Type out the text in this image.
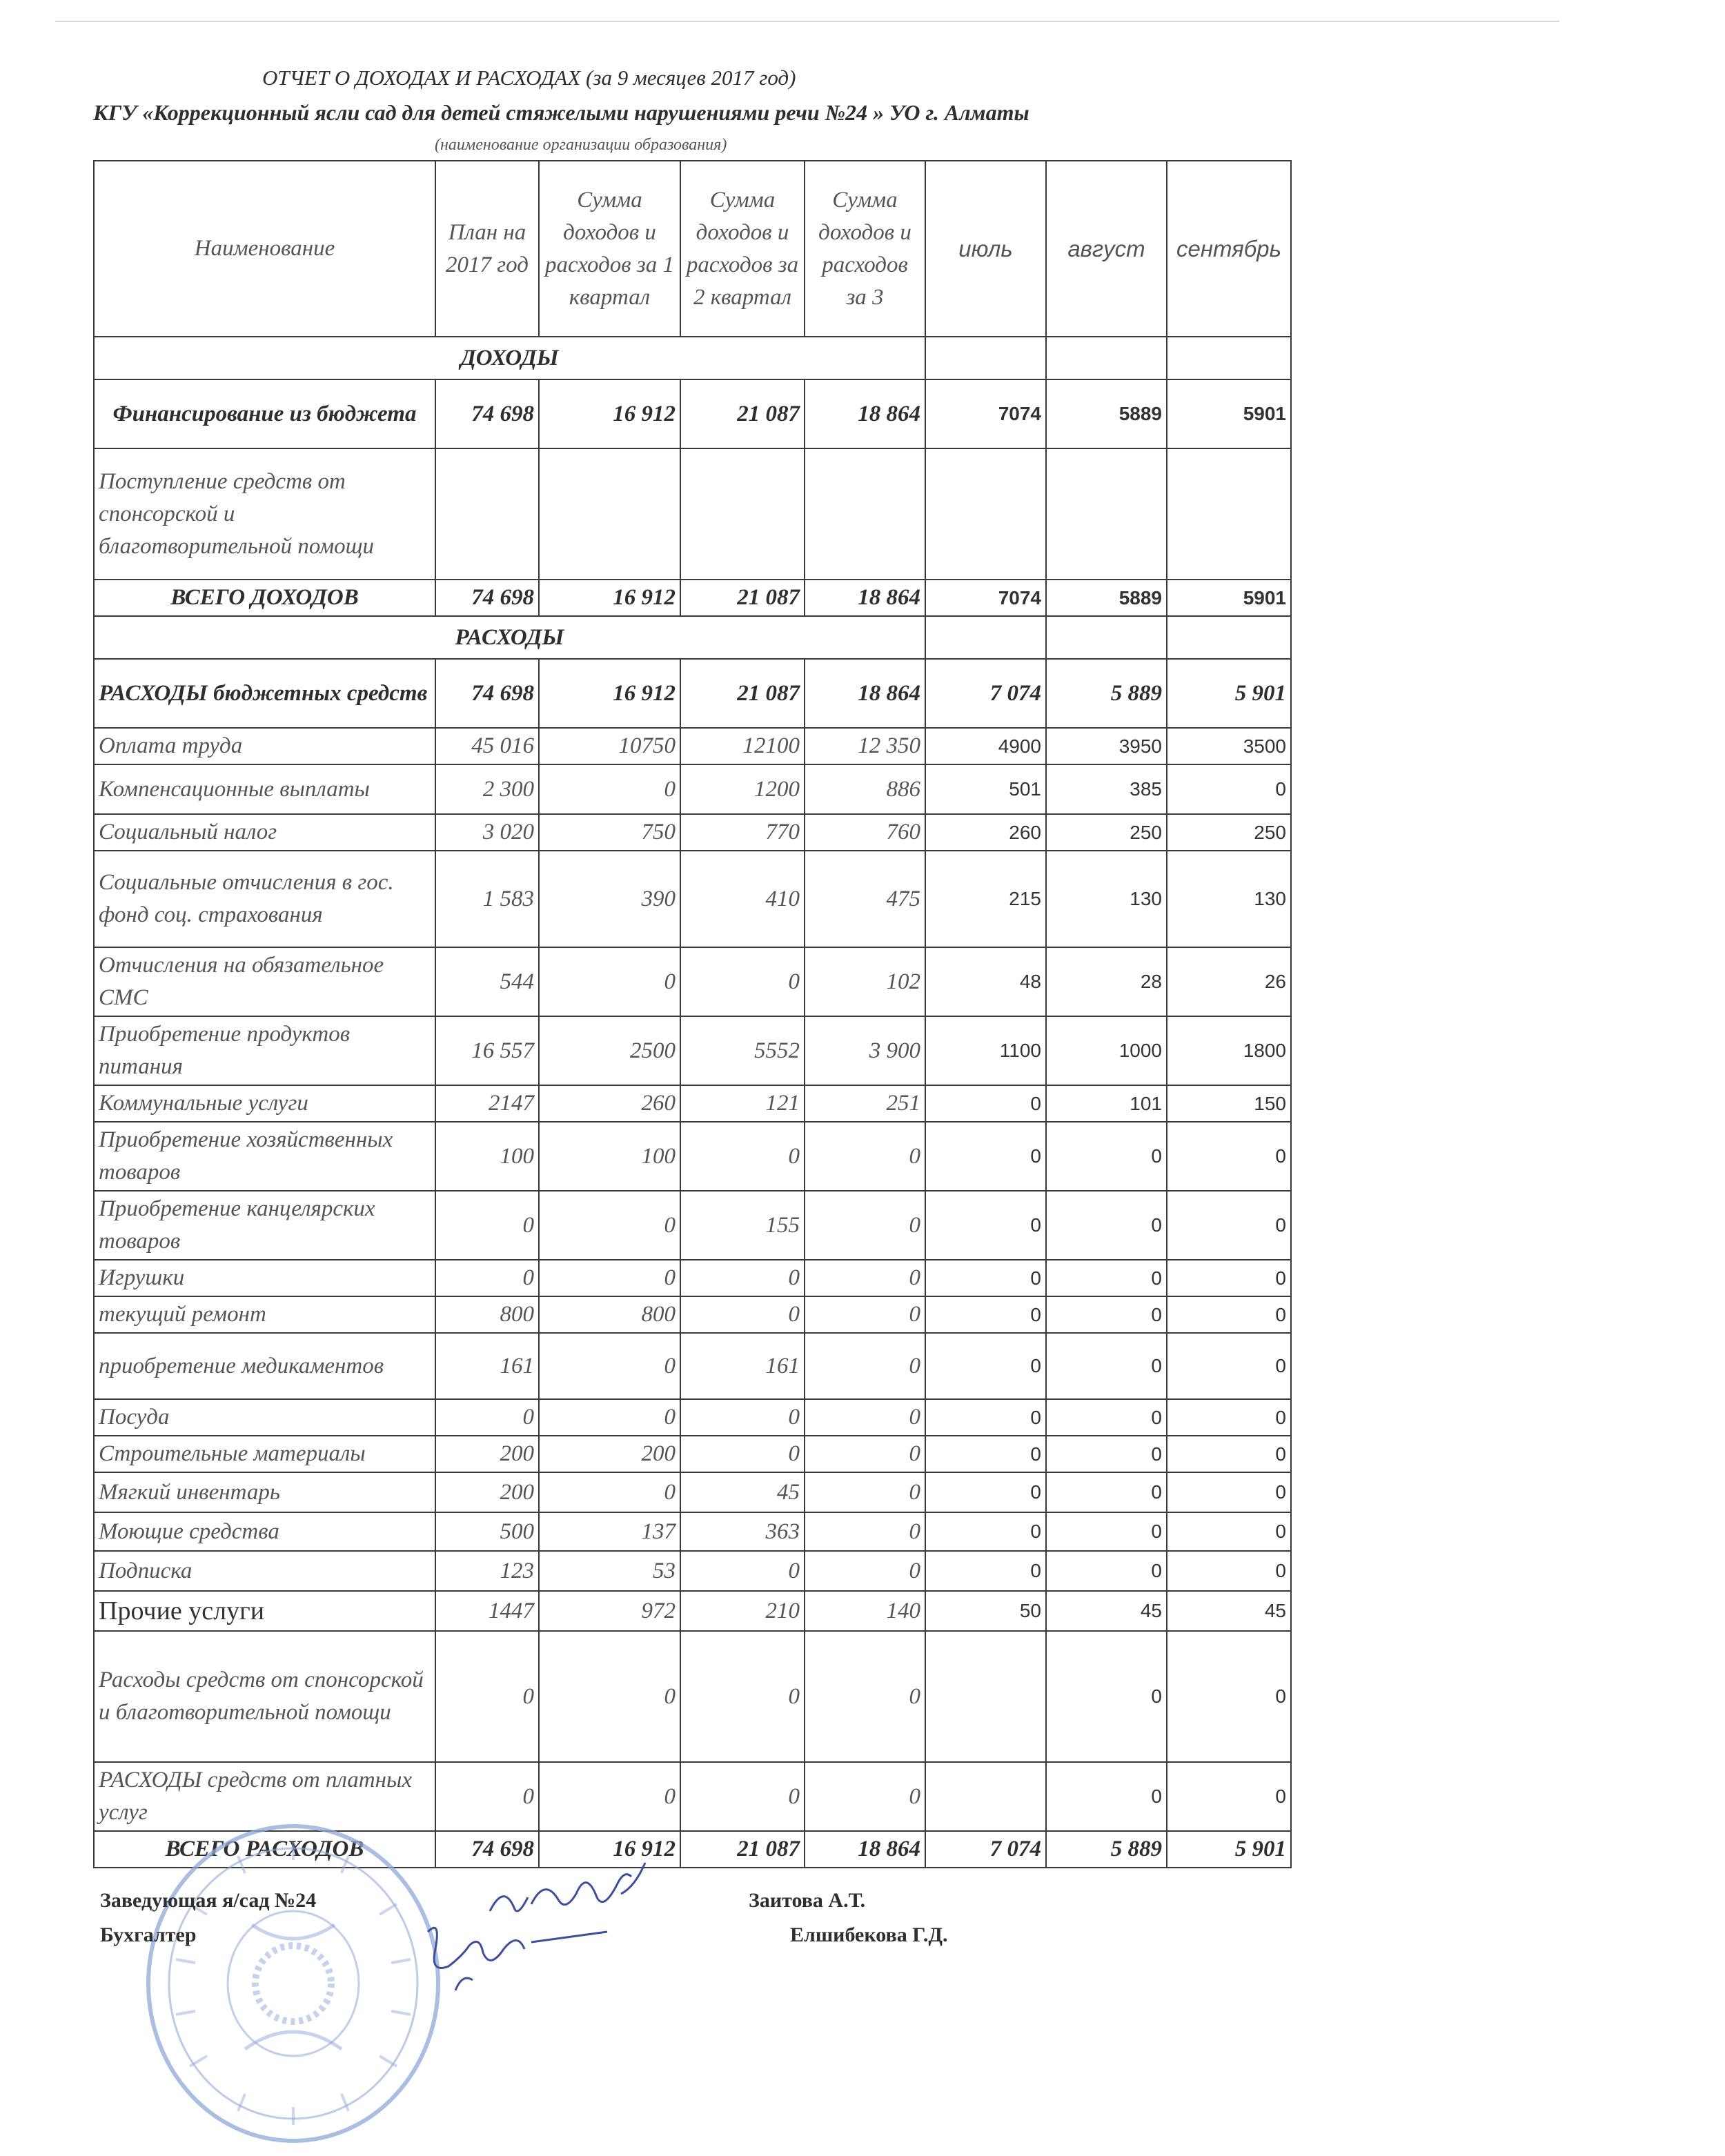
ОТЧЕТ О ДОХОДАХ И РАСХОДАХ (за 9 месяцев 2017 год)
КГУ «Коррекционный ясли сад для детей стяжелыми нарушениями речи №24 » УО г. Алматы
(наименование организации образования)
Наименование	План на 2017 год	Сумма доходов и расходов за 1 квартал	Сумма доходов и расходов за 2 квартал	Сумма доходов и расходов за 3	июль	август	сентябрь
ДОХОДЫ							
Финансирование из бюджета	74 698	16 912	21 087	18 864	7074	5889	5901
Поступление средств от спонсорской и благотворительной помощи							
ВСЕГО ДОХОДОВ	74 698	16 912	21 087	18 864	7074	5889	5901
РАСХОДЫ							
РАСХОДЫ бюджетных средств	74 698	16 912	21 087	18 864	7 074	5 889	5 901
Оплата труда	45 016	10750	12100	12 350	4900	3950	3500
Компенсационные выплаты	2 300	0	1200	886	501	385	0
Социальный налог	3 020	750	770	760	260	250	250
Социальные отчисления в гос. фонд соц. страхования	1 583	390	410	475	215	130	130
Отчисления на обязательное СМС	544	0	0	102	48	28	26
Приобретение продуктов питания	16 557	2500	5552	3 900	1100	1000	1800
Коммунальные услуги	2147	260	121	251	0	101	150
Приобретение хозяйственных товаров	100	100	0	0	0	0	0
Приобретение канцелярских товаров	0	0	155	0	0	0	0
Игрушки	0	0	0	0	0	0	0
текущий ремонт	800	800	0	0	0	0	0
приобретение медикаментов	161	0	161	0	0	0	0
Посуда	0	0	0	0	0	0	0
Строительные материалы	200	200	0	0	0	0	0
Мягкий инвентарь	200	0	45	0	0	0	0
Моющие средства	500	137	363	0	0	0	0
Подписка	123	53	0	0	0	0	0
Прочие услуги	1447	972	210	140	50	45	45
Расходы средств от спонсорской и благотворительной помощи	0	0	0	0		0	0
РАСХОДЫ средств от платных услуг	0	0	0	0		0	0
ВСЕГО РАСХОДОВ	74 698	16 912	21 087	18 864	7 074	5 889	5 901
Заведующая я/сад №24	Заитова А.Т.
Бухгалтер	Елшибекова Г.Д.
